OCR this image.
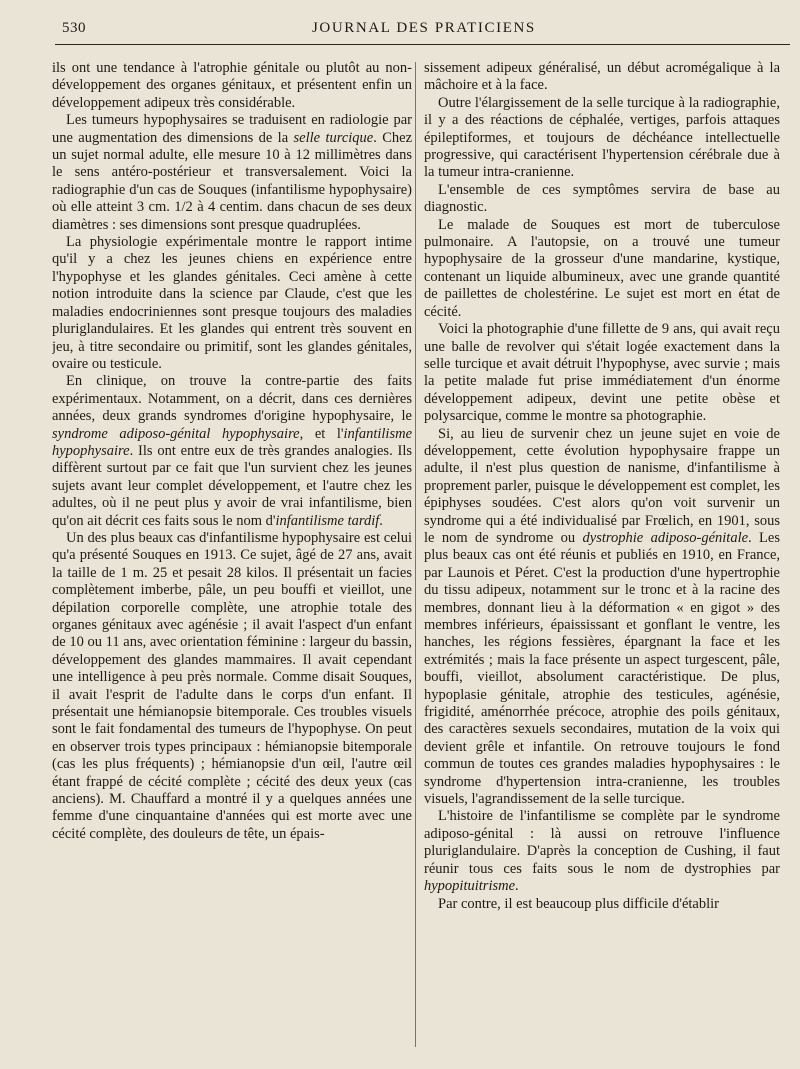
530	JOURNAL DES PRATICIENS

ils ont une tendance à l'atrophie génitale ou plutôt au non-développement des organes génitaux, et présentent enfin un développement adipeux très considérable.

Les tumeurs hypophysaires se traduisent en radiologie par une augmentation des dimensions de la selle turcique. Chez un sujet normal adulte, elle mesure 10 à 12 millimètres dans le sens antéro-postérieur et transversalement. Voici la radiographie d'un cas de Souques (infantilisme hypophysaire) où elle atteint 3 cm. 1/2 à 4 centim. dans chacun de ses deux diamètres : ses dimensions sont presque quadruplées.

La physiologie expérimentale montre le rapport intime qu'il y a chez les jeunes chiens en expérience entre l'hypophyse et les glandes génitales. Ceci amène à cette notion introduite dans la science par Claude, c'est que les maladies endocriniennes sont presque toujours des maladies pluriglandulaires. Et les glandes qui entrent très souvent en jeu, à titre secondaire ou primitif, sont les glandes génitales, ovaire ou testicule.

En clinique, on trouve la contre-partie des faits expérimentaux. Notamment, on a décrit, dans ces dernières années, deux grands syndromes d'origine hypophysaire, le syndrome adiposo-génital hypophysaire, et l'infantilisme hypophysaire. Ils ont entre eux de très grandes analogies. Ils diffèrent surtout par ce fait que l'un survient chez les jeunes sujets avant leur complet développement, et l'autre chez les adultes, où il ne peut plus y avoir de vrai infantilisme, bien qu'on ait décrit ces faits sous le nom d'infantilisme tardif.

Un des plus beaux cas d'infantilisme hypophysaire est celui qu'a présenté Souques en 1913. Ce sujet, âgé de 27 ans, avait la taille de 1 m. 25 et pesait 28 kilos. Il présentait un facies complètement imberbe, pâle, un peu bouffi et vieillot, une dépilation corporelle complète, une atrophie totale des organes génitaux avec agénésie ; il avait l'aspect d'un enfant de 10 ou 11 ans, avec orientation féminine : largeur du bassin, développement des glandes mammaires. Il avait cependant une intelligence à peu près normale. Comme disait Souques, il avait l'esprit de l'adulte dans le corps d'un enfant. Il présentait une hémianopsie bitemporale. Ces troubles visuels sont le fait fondamental des tumeurs de l'hypophyse. On peut en observer trois types principaux : hémianopsie bitemporale (cas les plus fréquents) ; hémianopsie d'un œil, l'autre œil étant frappé de cécité complète ; cécité des deux yeux (cas anciens). M. Chauffard a montré il y a quelques années une femme d'une cinquantaine d'années qui est morte avec une cécité complète, des douleurs de tête, un épais-

sissement adipeux généralisé, un début acromégalique à la mâchoire et à la face.

Outre l'élargissement de la selle turcique à la radiographie, il y a des réactions de céphalée, vertiges, parfois attaques épileptiformes, et toujours de déchéance intellectuelle progressive, qui caractérisent l'hypertension cérébrale due à la tumeur intra-cranienne.

L'ensemble de ces symptômes servira de base au diagnostic.

Le malade de Souques est mort de tuberculose pulmonaire. A l'autopsie, on a trouvé une tumeur hypophysaire de la grosseur d'une mandarine, kystique, contenant un liquide albumineux, avec une grande quantité de paillettes de cholestérine. Le sujet est mort en état de cécité.

Voici la photographie d'une fillette de 9 ans, qui avait reçu une balle de revolver qui s'était logée exactement dans la selle turcique et avait détruit l'hypophyse, avec survie ; mais la petite malade fut prise immédiatement d'un énorme développement adipeux, devint une petite obèse et polysarcique, comme le montre sa photographie.

Si, au lieu de survenir chez un jeune sujet en voie de développement, cette évolution hypophysaire frappe un adulte, il n'est plus question de nanisme, d'infantilisme à proprement parler, puisque le développement est complet, les épiphyses soudées. C'est alors qu'on voit survenir un syndrome qui a été individualisé par Frœlich, en 1901, sous le nom de syndrome ou dystrophie adiposo-génitale. Les plus beaux cas ont été réunis et publiés en 1910, en France, par Launois et Péret. C'est la production d'une hypertrophie du tissu adipeux, notamment sur le tronc et à la racine des membres, donnant lieu à la déformation « en gigot » des membres inférieurs, épaississant et gonflant le ventre, les hanches, les régions fessières, épargnant la face et les extrémités ; mais la face présente un aspect turgescent, pâle, bouffi, vieillot, absolument caractéristique. De plus, hypoplasie génitale, atrophie des testicules, agénésie, frigidité, aménorrhée précoce, atrophie des poils génitaux, des caractères sexuels secondaires, mutation de la voix qui devient grêle et infantile. On retrouve toujours le fond commun de toutes ces grandes maladies hypophysaires : le syndrome d'hypertension intra-cranienne, les troubles visuels, l'agrandissement de la selle turcique.

L'histoire de l'infantilisme se complète par le syndrome adiposo-génital : là aussi on retrouve l'influence pluriglandulaire. D'après la conception de Cushing, il faut réunir tous ces faits sous le nom de dystrophies par hypopituitrisme.

Par contre, il est beaucoup plus difficile d'établir
